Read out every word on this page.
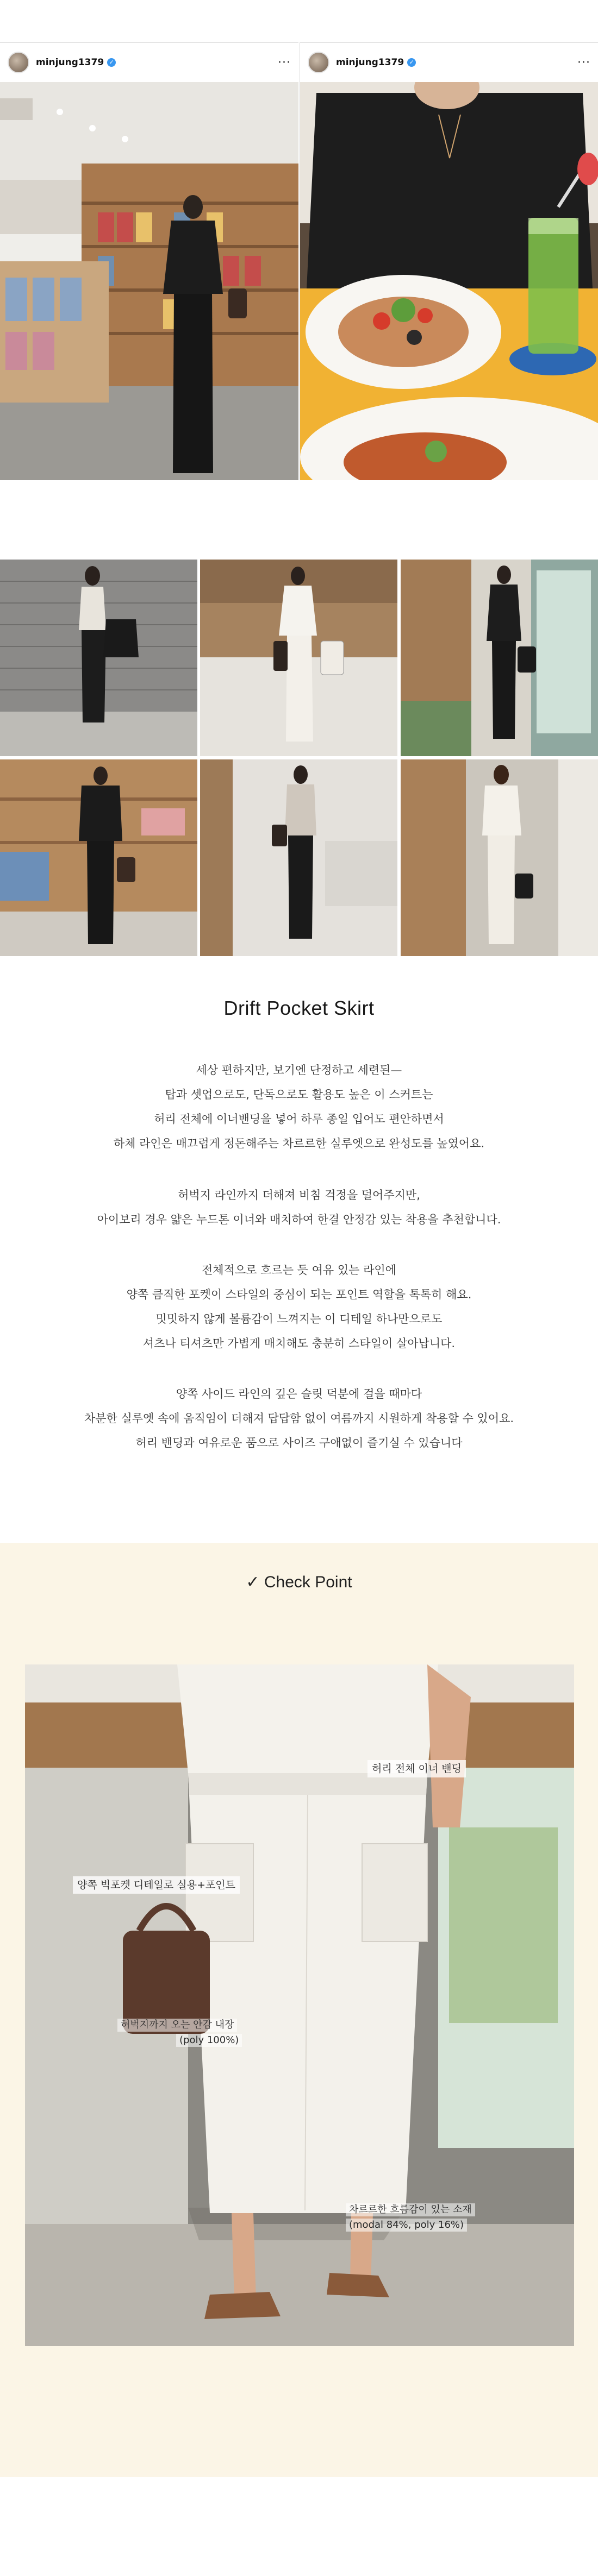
minjung1379 ✓	···	minjung1379 ✓	···
Drift Pocket Skirt

세상 편하지만, 보기엔 단정하고 세련된—

탑과 셋업으로도, 단독으로도 활용도 높은 이 스커트는

허리 전체에 이너밴딩을 넣어 하루 종일 입어도 편안하면서

하체 라인은 매끄럽게 정돈해주는 차르르한 실루엣으로 완성도를 높였어요.

허벅지 라인까지 더해져 비침 걱정을 덜어주지만,

아이보리 경우 얇은 누드톤 이너와 매치하여 한결 안정감 있는 착용을 추천합니다.

전체적으로 흐르는 듯 여유 있는 라인에

양쪽 큼직한 포켓이 스타일의 중심이 되는 포인트 역할을 톡톡히 해요.

밋밋하지 않게 볼륨감이 느껴지는 이 디테일 하나만으로도

셔츠나 티셔츠만 가볍게 매치해도 충분히 스타일이 살아납니다.

양쪽 사이드 라인의 깊은 슬릿 덕분에 걸을 때마다

차분한 실루엣 속에 움직임이 더해져 답답함 없이 여름까지 시원하게 착용할 수 있어요.

허리 밴딩과 여유로운 품으로 사이즈 구애없이 즐기실 수 있습니다

✓ Check Point
허리 전체 이너 밴딩
양쪽 빅포켓 디테일로 실용+포인트
허벅지까지 오는 안감 내장
(poly 100%)
차르르한 흐름감이 있는 소재
(modal 84%, poly 16%)
